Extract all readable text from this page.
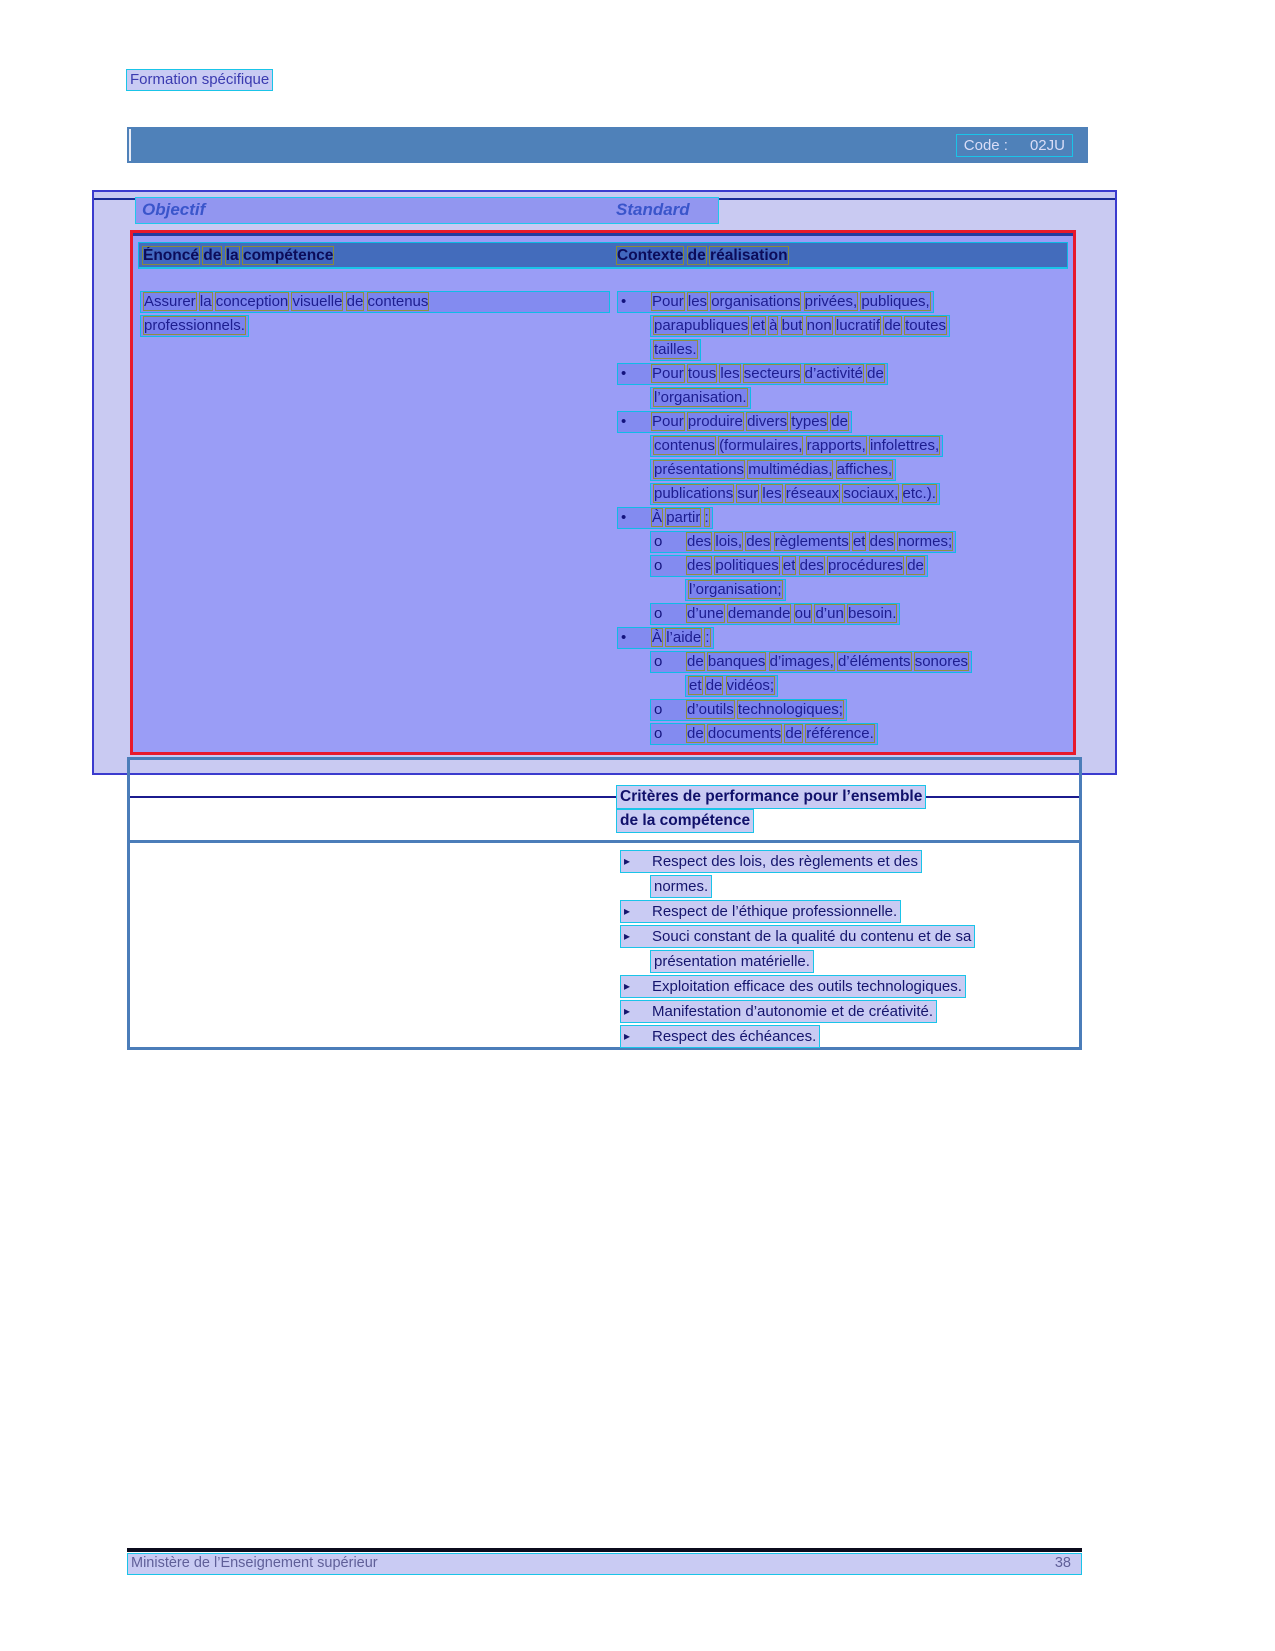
Formation spécifique
Code : 02JU
Objectif	Standard
Énoncé de la compétence	Contexte de réalisation
Assurer la conception visuelle de contenus
professionnels.
• Pour les organisations privées, publiques,
parapubliques et à but non lucratif de toutes
tailles.
• Pour tous les secteurs d’activité de
l’organisation.
• Pour produire divers types de
contenus (formulaires, rapports, infolettres,
présentations multimédias, affiches,
publications sur les réseaux sociaux, etc.).
• À partir :
o des lois, des règlements et des normes;
o des politiques et des procédures de
l’organisation;
o d’une demande ou d’un besoin.
• À l’aide :
o de banques d’images, d’éléments sonores
et de vidéos;
o d’outils technologiques;
o de documents de référence.
Critères de performance pour l’ensemble
de la compétence
▸ Respect des lois, des règlements et des
normes.
▸ Respect de l’éthique professionnelle.
▸ Souci constant de la qualité du contenu et de sa
présentation matérielle.
▸ Exploitation efficace des outils technologiques.
▸ Manifestation d’autonomie et de créativité.
▸ Respect des échéances.
Ministère de l’Enseignement supérieur	38
